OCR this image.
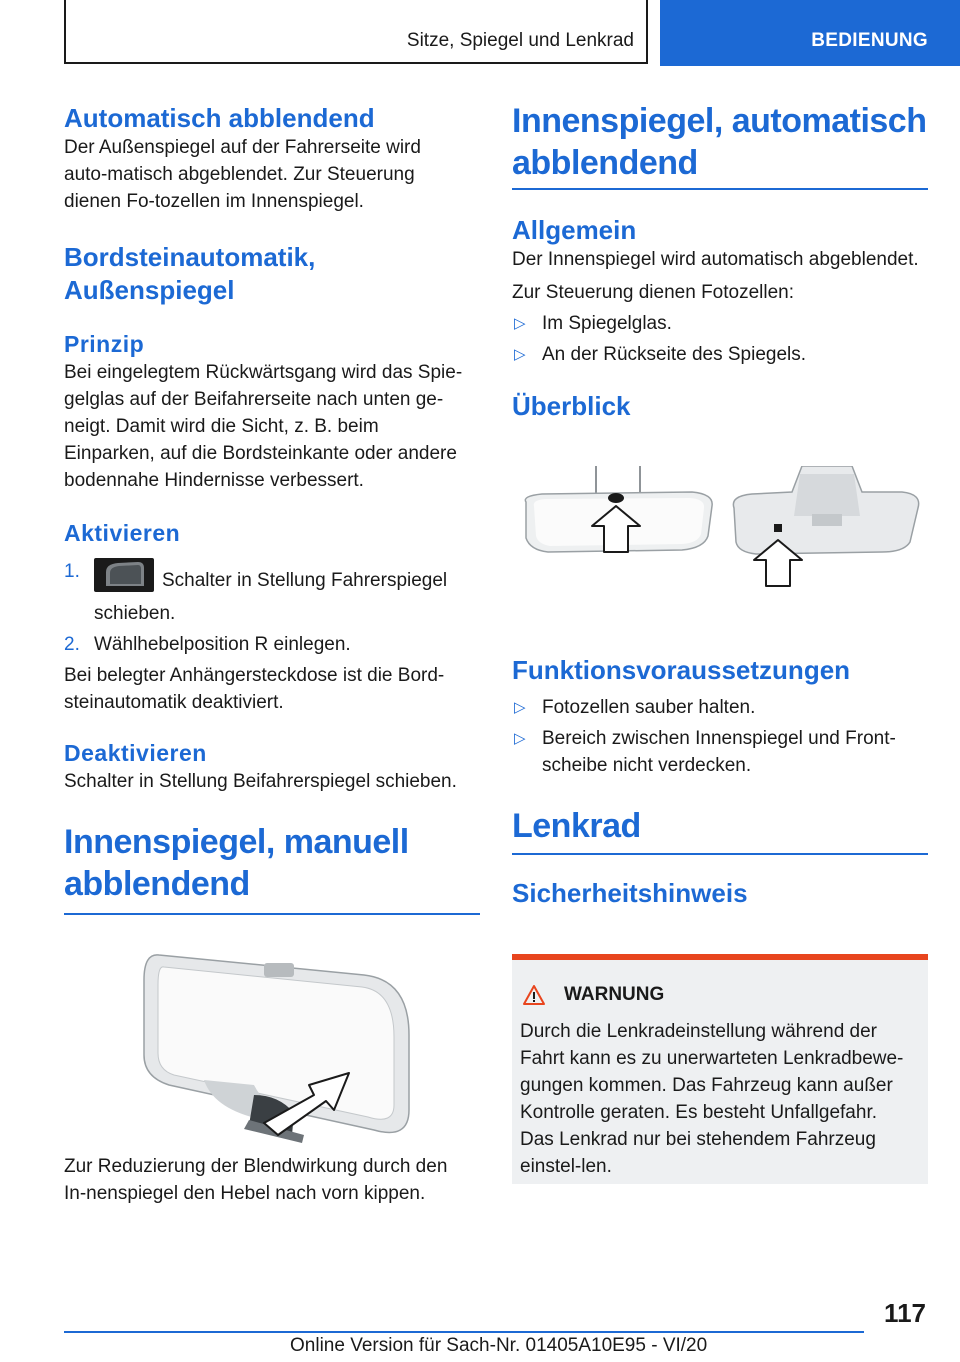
Sitze, Spiegel und Lenkrad	BEDIENUNG
Automatisch abblendend

Der Außenspiegel auf der Fahrerseite wird auto-matisch abgeblendet. Zur Steuerung dienen Fo-tozellen im Innenspiegel.

Bordsteinautomatik,
Außenspiegel
Prinzip

Bei eingelegtem Rückwärtsgang wird das Spie-gelglas auf der Beifahrerseite nach unten ge-neigt. Damit wird die Sicht, z. B. beim Einparken, auf die Bordsteinkante oder andere bodennahe Hindernisse verbessert.

Aktivieren
1.	Schalter in Stellung Fahrerspiegel
schieben.
2. Wählhebelposition R einlegen.

Bei belegter Anhängersteckdose ist die Bord-steinautomatik deaktiviert.

Deaktivieren

Schalter in Stellung Beifahrerspiegel schieben.

Innenspiegel, manuell
abblendend

Zur Reduzierung der Blendwirkung durch den In-nenspiegel den Hebel nach vorn kippen.

Innenspiegel, automatisch
abblendend
Allgemein

Der Innenspiegel wird automatisch abgeblendet.

Zur Steuerung dienen Fotozellen:

▷ Im Spiegelglas.
▷ An der Rückseite des Spiegels.
Überblick
Funktionsvoraussetzungen
▷ Fotozellen sauber halten.
▷ Bereich zwischen Innenspiegel und Front-
scheibe nicht verdecken.
Lenkrad
Sicherheitshinweis
WARNUNG

Durch die Lenkradeinstellung während der Fahrt kann es zu unerwarteten Lenkradbewe-gungen kommen. Das Fahrzeug kann außer Kontrolle geraten. Es besteht Unfallgefahr. Das Lenkrad nur bei stehendem Fahrzeug einstel-len.

117
Online Version für Sach-Nr. 01405A10E95 - VI/20
